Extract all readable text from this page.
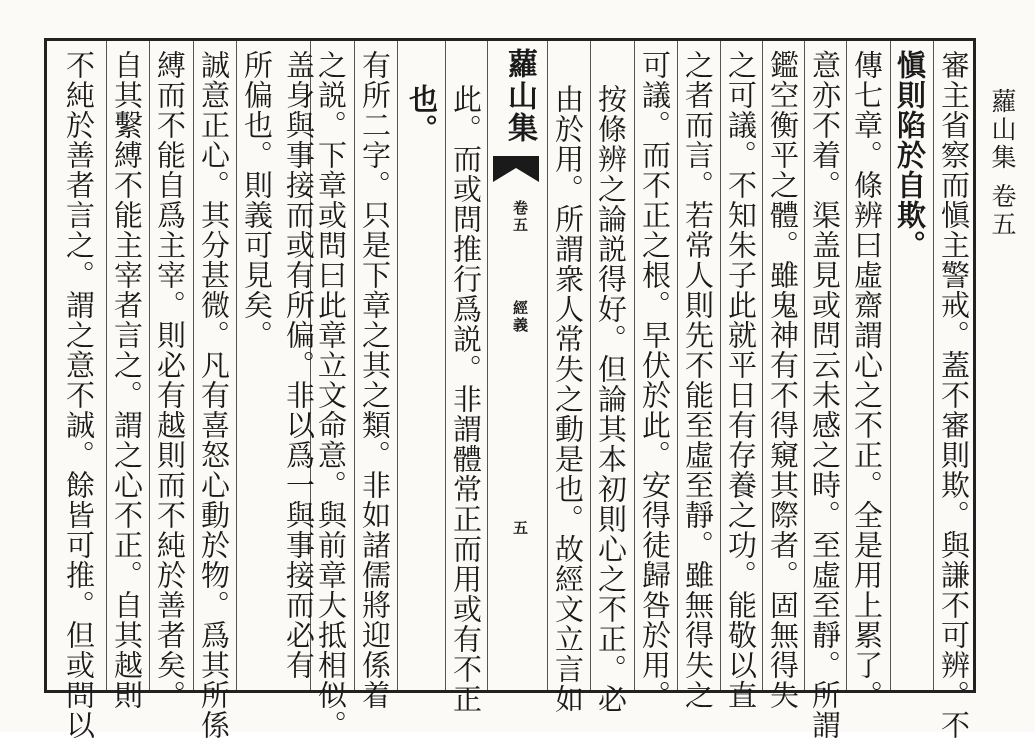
蘿山集 卷五
審主省察而愼主警戒。蓋不審則欺。與謙不可辨。不
愼則陷於自欺。
傳七章。條辨曰虛齋謂心之不正。全是用上累了。
意亦不着。渠盖見或問云未感之時。至虛至靜。所謂
鑑空衡平之體。雖鬼神有不得窺其際者。固無得失
之可議。不知朱子此就平日有存養之功。能敬以直
之者而言。若常人則先不能至虛至靜。雖無得失之
可議。而不正之根。早伏於此。安得徒歸咎於用。
按條辨之論説得好。但論其本初則心之不正。必
由於用。所謂衆人常失之動是也。故經文立言如
蘿山集
卷五
經義
五
此。而或問推行爲説。非謂體常正而用或有不正
也。
有所二字。只是下章之其之類。非如諸儒將迎係着
之説。下章或問曰此章立文命意。與前章大抵相似。
盖身與事接而或有所偏。非以爲一與事接而必有
所偏也。則義可見矣。
誠意正心。其分甚微。凡有喜怒心動於物。爲其所係
縛而不能自爲主宰。則必有越則而不純於善者矣。
自其繫縛不能主宰者言之。謂之心不正。自其越則
不純於善者言之。謂之意不誠。餘皆可推。但或問以
